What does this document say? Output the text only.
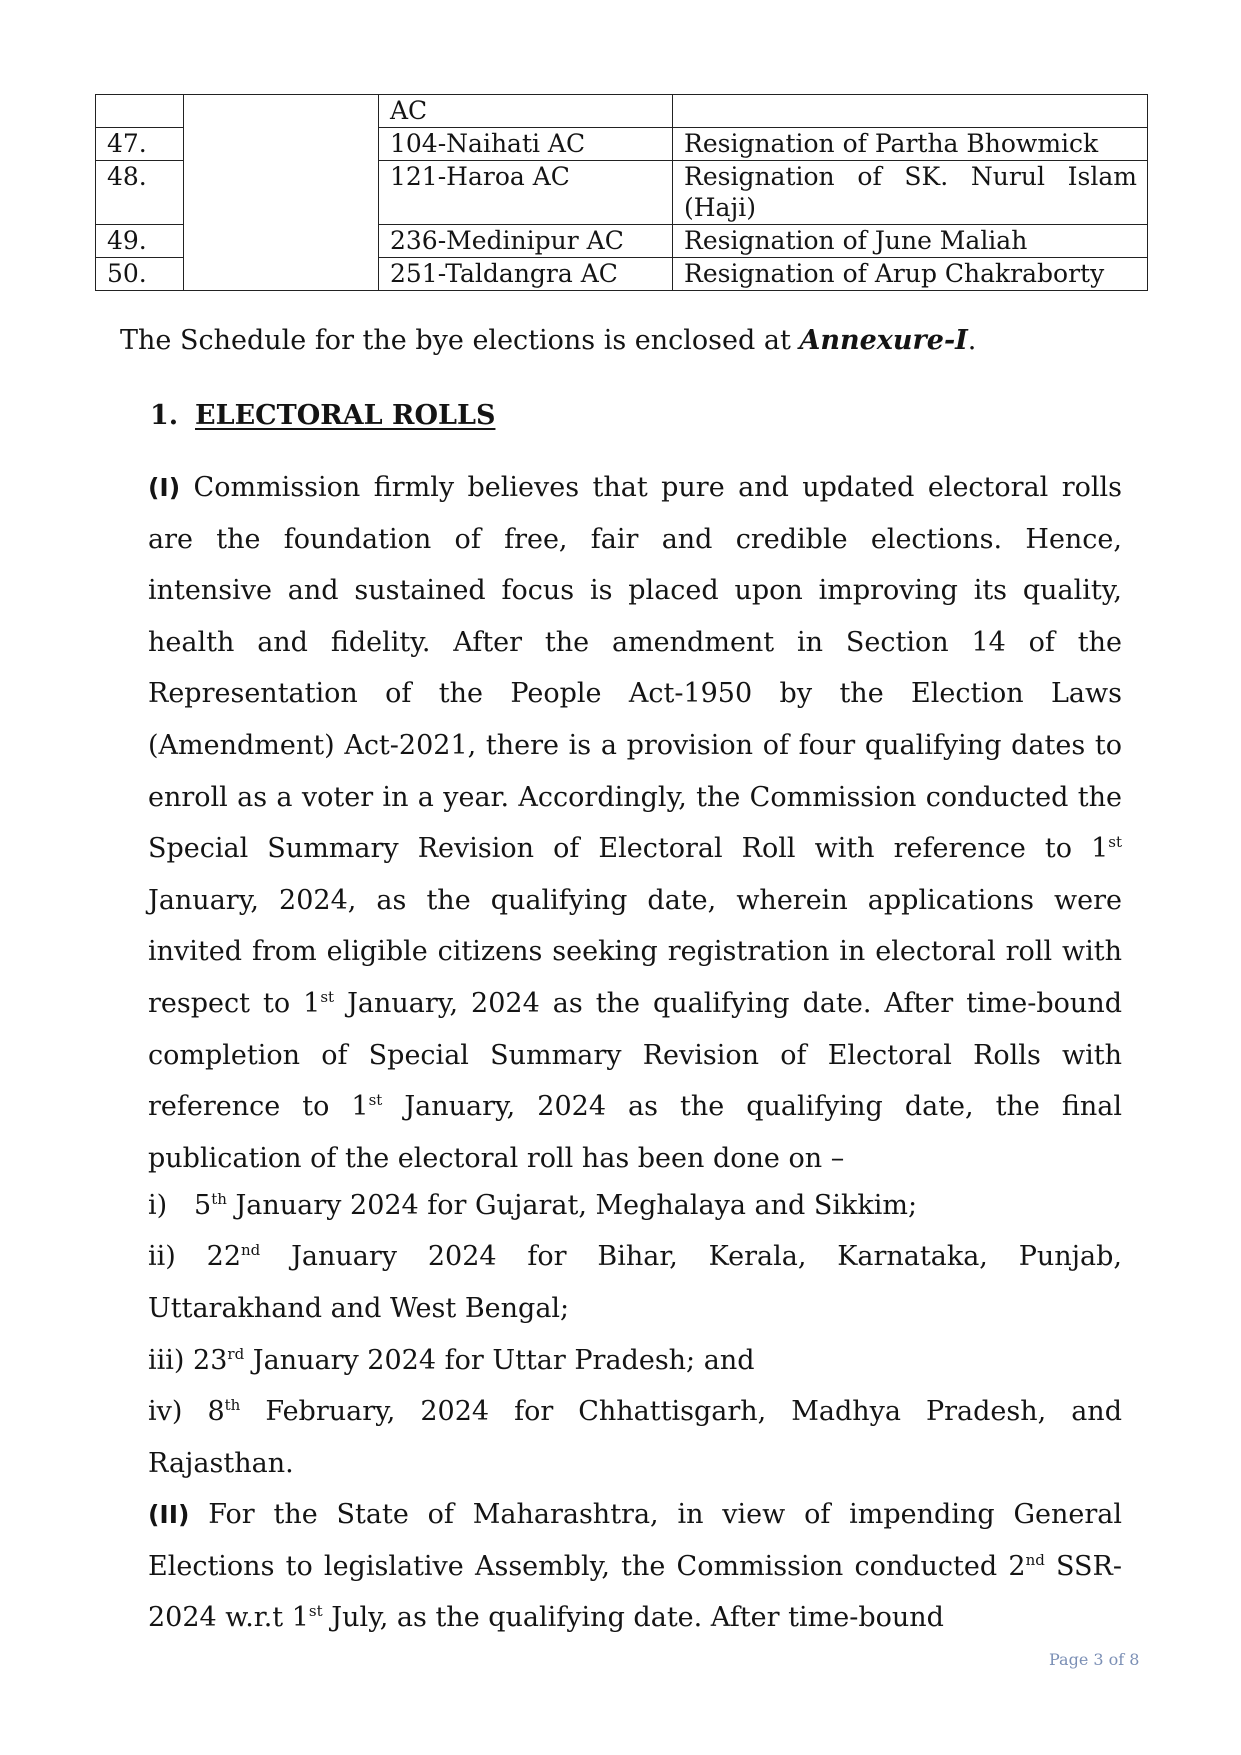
		AC	
47.		104-Naihati AC	Resignation of Partha Bhowmick
48.		121-Haroa AC	Resignation of SK. Nurul Islam (Haji)
49.		236-Medinipur AC	Resignation of June Maliah
50.		251-Taldangra AC	Resignation of Arup Chakraborty
The Schedule for the bye elections is enclosed at Annexure-I.
1. ELECTORAL ROLLS

(I) Commission firmly believes that pure and updated electoral rolls are the foundation of free, fair and credible elections. Hence, intensive and sustained focus is placed upon improving its quality, health and fidelity. After the amendment in Section 14 of the Representation of the People Act-1950 by the Election Laws (Amendment) Act-2021, there is a provision of four qualifying dates to enroll as a voter in a year. Accordingly, the Commission conducted the Special Summary Revision of Electoral Roll with reference to 1st January, 2024, as the qualifying date, wherein applications were invited from eligible citizens seeking registration in electoral roll with respect to 1st January, 2024 as the qualifying date. After time-bound completion of Special Summary Revision of Electoral Rolls with reference to 1st January, 2024 as the qualifying date, the final publication of the electoral roll has been done on –

i) 5th January 2024 for Gujarat, Meghalaya and Sikkim;
ii) 22nd January 2024 for Bihar, Kerala, Karnataka, Punjab, Uttarakhand and West Bengal;
iii) 23rd January 2024 for Uttar Pradesh; and
iv) 8th February, 2024 for Chhattisgarh, Madhya Pradesh, and Rajasthan.

(II) For the State of Maharashtra, in view of impending General Elections to legislative Assembly, the Commission conducted 2nd SSR-2024 w.r.t 1st July, as the qualifying date. After time-bound

Page 3 of 8
